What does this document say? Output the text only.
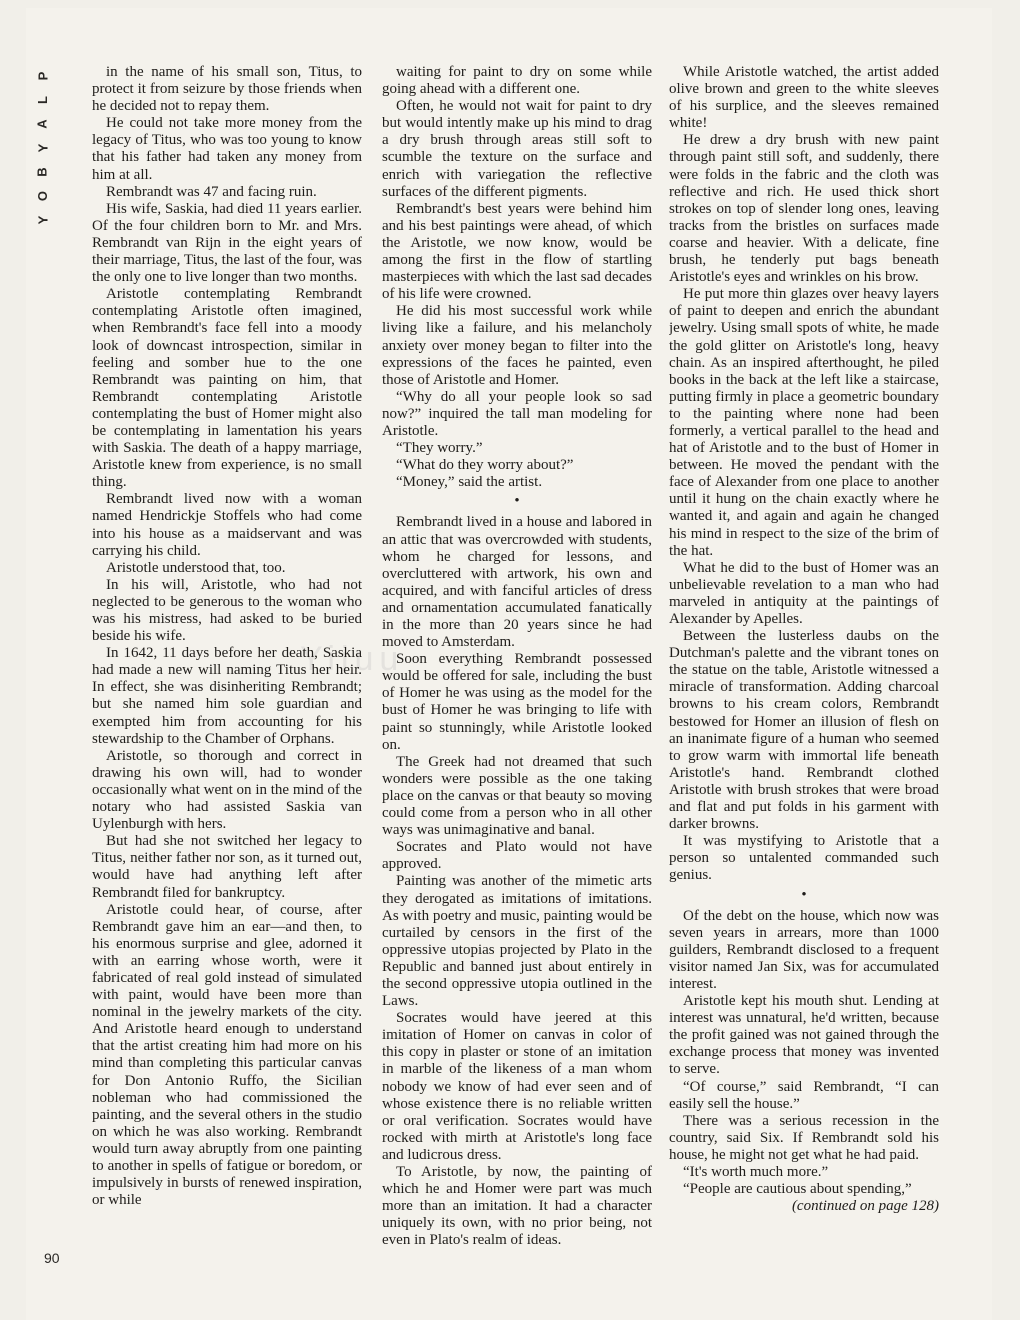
P
L
A
Y
B
O
Y
Yiiuu

in the name of his small son, Titus, to protect it from seizure by those friends when he decided not to repay them.

He could not take more money from the legacy of Titus, who was too young to know that his father had taken any money from him at all.

Rembrandt was 47 and facing ruin.

His wife, Saskia, had died 11 years earlier. Of the four children born to Mr. and Mrs. Rembrandt van Rijn in the eight years of their marriage, Titus, the last of the four, was the only one to live longer than two months.

Aristotle contemplating Rembrandt contemplating Aristotle often imagined, when Rembrandt's face fell into a moody look of downcast introspection, similar in feeling and somber hue to the one Rembrandt was painting on him, that Rembrandt contemplating Aristotle contemplating the bust of Homer might also be contemplating in lamentation his years with Saskia. The death of a happy marriage, Aristotle knew from experience, is no small thing.

Rembrandt lived now with a woman named Hendrickje Stoffels who had come into his house as a maidservant and was carrying his child.

Aristotle understood that, too.

In his will, Aristotle, who had not neglected to be generous to the woman who was his mistress, had asked to be buried beside his wife.

In 1642, 11 days before her death, Saskia had made a new will naming Titus her heir. In effect, she was disinheriting Rembrandt; but she named him sole guardian and exempted him from accounting for his stewardship to the Chamber of Orphans.

Aristotle, so thorough and correct in drawing his own will, had to wonder occasionally what went on in the mind of the notary who had assisted Saskia van Uylenburgh with hers.

But had she not switched her legacy to Titus, neither father nor son, as it turned out, would have had anything left after Rembrandt filed for bankruptcy.

Aristotle could hear, of course, after Rembrandt gave him an ear—and then, to his enormous surprise and glee, adorned it with an earring whose worth, were it fabricated of real gold instead of simulated with paint, would have been more than nominal in the jewelry markets of the city. And Aristotle heard enough to understand that the artist creating him had more on his mind than completing this particular canvas for Don Antonio Ruffo, the Sicilian nobleman who had commissioned the painting, and the several others in the studio on which he was also working. Rembrandt would turn away abruptly from one painting to another in spells of fatigue or boredom, or impulsively in bursts of renewed inspiration, or while

waiting for paint to dry on some while going ahead with a different one.

Often, he would not wait for paint to dry but would intently make up his mind to drag a dry brush through areas still soft to scumble the texture on the surface and enrich with variegation the reflective surfaces of the different pigments.

Rembrandt's best years were behind him and his best paintings were ahead, of which the Aristotle, we now know, would be among the first in the flow of startling masterpieces with which the last sad decades of his life were crowned.

He did his most successful work while living like a failure, and his melancholy anxiety over money began to filter into the expressions of the faces he painted, even those of Aristotle and Homer.

“Why do all your people look so sad now?” inquired the tall man modeling for Aristotle.

“They worry.”

“What do they worry about?”

“Money,” said the artist.

•

Rembrandt lived in a house and labored in an attic that was overcrowded with students, whom he charged for lessons, and overcluttered with artwork, his own and acquired, and with fanciful articles of dress and ornamentation accumulated fanatically in the more than 20 years since he had moved to Amsterdam.

Soon everything Rembrandt possessed would be offered for sale, including the bust of Homer he was using as the model for the bust of Homer he was bringing to life with paint so stunningly, while Aristotle looked on.

The Greek had not dreamed that such wonders were possible as the one taking place on the canvas or that beauty so moving could come from a person who in all other ways was unimaginative and banal.

Socrates and Plato would not have approved.

Painting was another of the mimetic arts they derogated as imitations of imitations. As with poetry and music, painting would be curtailed by censors in the first of the oppressive utopias projected by Plato in the Republic and banned just about entirely in the second oppressive utopia outlined in the Laws.

Socrates would have jeered at this imitation of Homer on canvas in color of this copy in plaster or stone of an imitation in marble of the likeness of a man whom nobody we know of had ever seen and of whose existence there is no reliable written or oral verification. Socrates would have rocked with mirth at Aristotle's long face and ludicrous dress.

To Aristotle, by now, the painting of which he and Homer were part was much more than an imitation. It had a character uniquely its own, with no prior being, not even in Plato's realm of ideas.

While Aristotle watched, the artist added olive brown and green to the white sleeves of his surplice, and the sleeves remained white!

He drew a dry brush with new paint through paint still soft, and suddenly, there were folds in the fabric and the cloth was reflective and rich. He used thick short strokes on top of slender long ones, leaving tracks from the bristles on surfaces made coarse and heavier. With a delicate, fine brush, he tenderly put bags beneath Aristotle's eyes and wrinkles on his brow.

He put more thin glazes over heavy layers of paint to deepen and enrich the abundant jewelry. Using small spots of white, he made the gold glitter on Aristotle's long, heavy chain. As an inspired afterthought, he piled books in the back at the left like a staircase, putting firmly in place a geometric boundary to the painting where none had been formerly, a vertical parallel to the head and hat of Aristotle and to the bust of Homer in between. He moved the pendant with the face of Alexander from one place to another until it hung on the chain exactly where he wanted it, and again and again he changed his mind in respect to the size of the brim of the hat.

What he did to the bust of Homer was an unbelievable revelation to a man who had marveled in antiquity at the paintings of Alexander by Apelles.

Between the lusterless daubs on the Dutchman's palette and the vibrant tones on the statue on the table, Aristotle witnessed a miracle of transformation. Adding charcoal browns to his cream colors, Rembrandt bestowed for Homer an illusion of flesh on an inanimate figure of a human who seemed to grow warm with immortal life beneath Aristotle's hand. Rembrandt clothed Aristotle with brush strokes that were broad and flat and put folds in his garment with darker browns.

It was mystifying to Aristotle that a person so untalented commanded such genius.

•

Of the debt on the house, which now was seven years in arrears, more than 1000 guilders, Rembrandt disclosed to a frequent visitor named Jan Six, was for accumulated interest.

Aristotle kept his mouth shut. Lending at interest was unnatural, he'd written, because the profit gained was not gained through the exchange process that money was invented to serve.

“Of course,” said Rembrandt, “I can easily sell the house.”

There was a serious recession in the country, said Six. If Rembrandt sold his house, he might not get what he had paid.

“It's worth much more.”

“People are cautious about spending,”

(continued on page 128)

90
